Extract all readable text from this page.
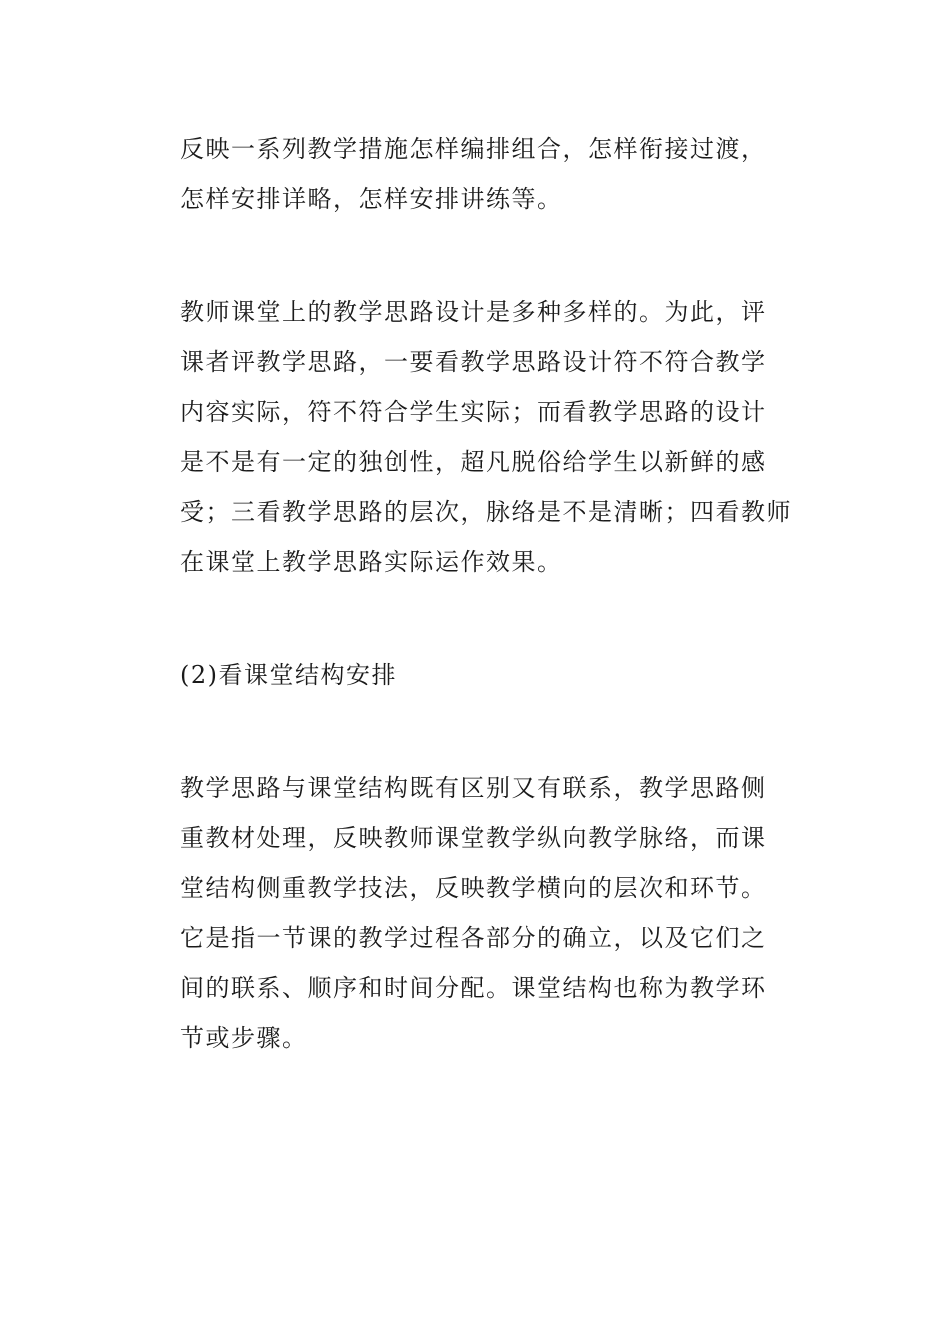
反映一系列教学措施怎样编排组合，怎样衔接过渡，
怎样安排详略，怎样安排讲练等。
教师课堂上的教学思路设计是多种多样的。为此，评
课者评教学思路，一要看教学思路设计符不符合教学
内容实际，符不符合学生实际；而看教学思路的设计
是不是有一定的独创性，超凡脱俗给学生以新鲜的感
受；三看教学思路的层次，脉络是不是清晰；四看教师
在课堂上教学思路实际运作效果。
(2)看课堂结构安排
教学思路与课堂结构既有区别又有联系，教学思路侧
重教材处理，反映教师课堂教学纵向教学脉络，而课
堂结构侧重教学技法，反映教学横向的层次和环节。
它是指一节课的教学过程各部分的确立，以及它们之
间的联系、顺序和时间分配。课堂结构也称为教学环
节或步骤。
